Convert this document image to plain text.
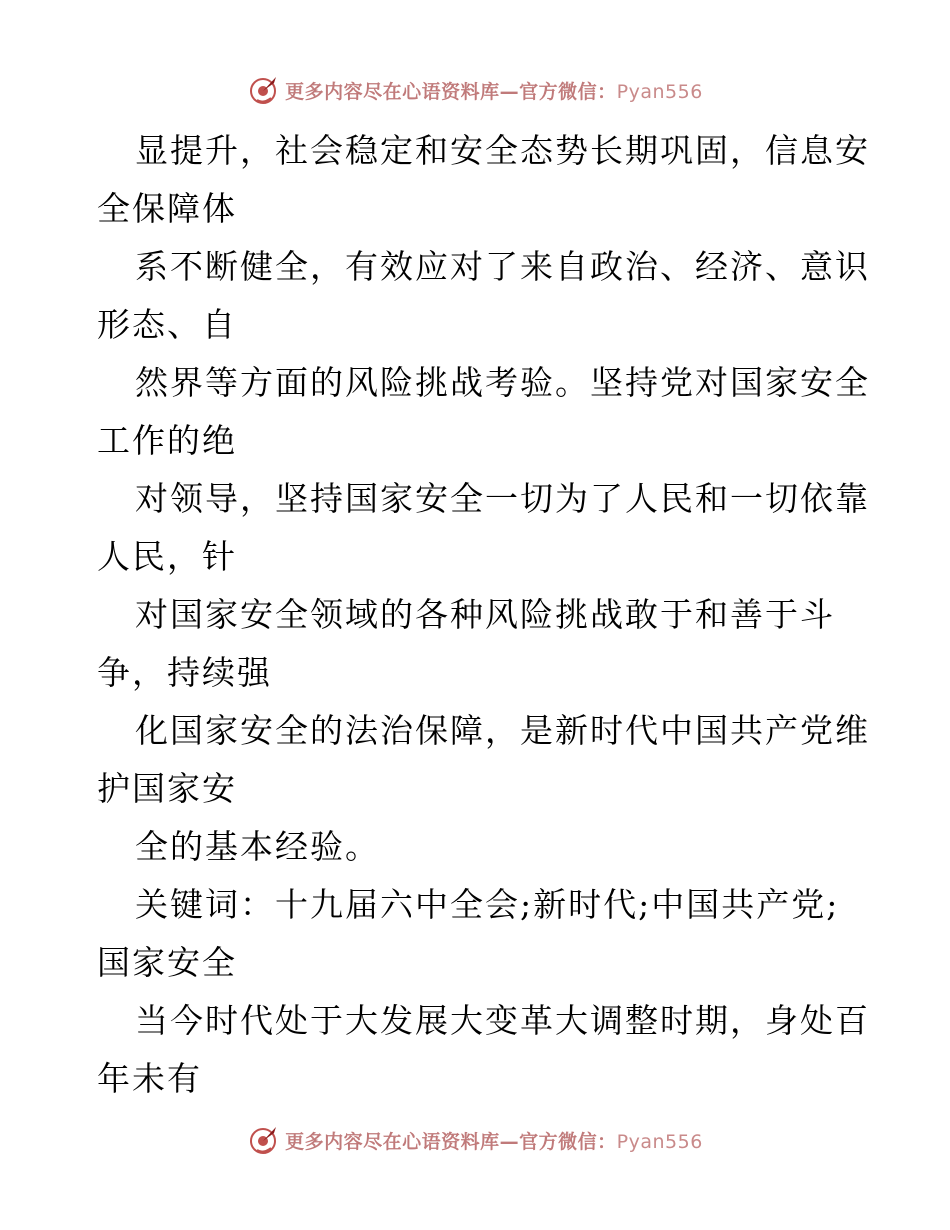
更多内容尽在心语资料库—官方微信：Pyan556
显提升，社会稳定和安全态势长期巩固，信息安
全保障体
系不断健全，有效应对了来自政治、经济、意识
形态、自
然界等方面的风险挑战考验。坚持党对国家安全
工作的绝
对领导，坚持国家安全一切为了人民和一切依靠
人民，针
对国家安全领域的各种风险挑战敢于和善于斗
争，持续强
化国家安全的法治保障，是新时代中国共产党维
护国家安
全的基本经验。
关键词：十九届六中全会;新时代;中国共产党;
国家安全
当今时代处于大发展大变革大调整时期，身处百
年未有
更多内容尽在心语资料库—官方微信：Pyan556
